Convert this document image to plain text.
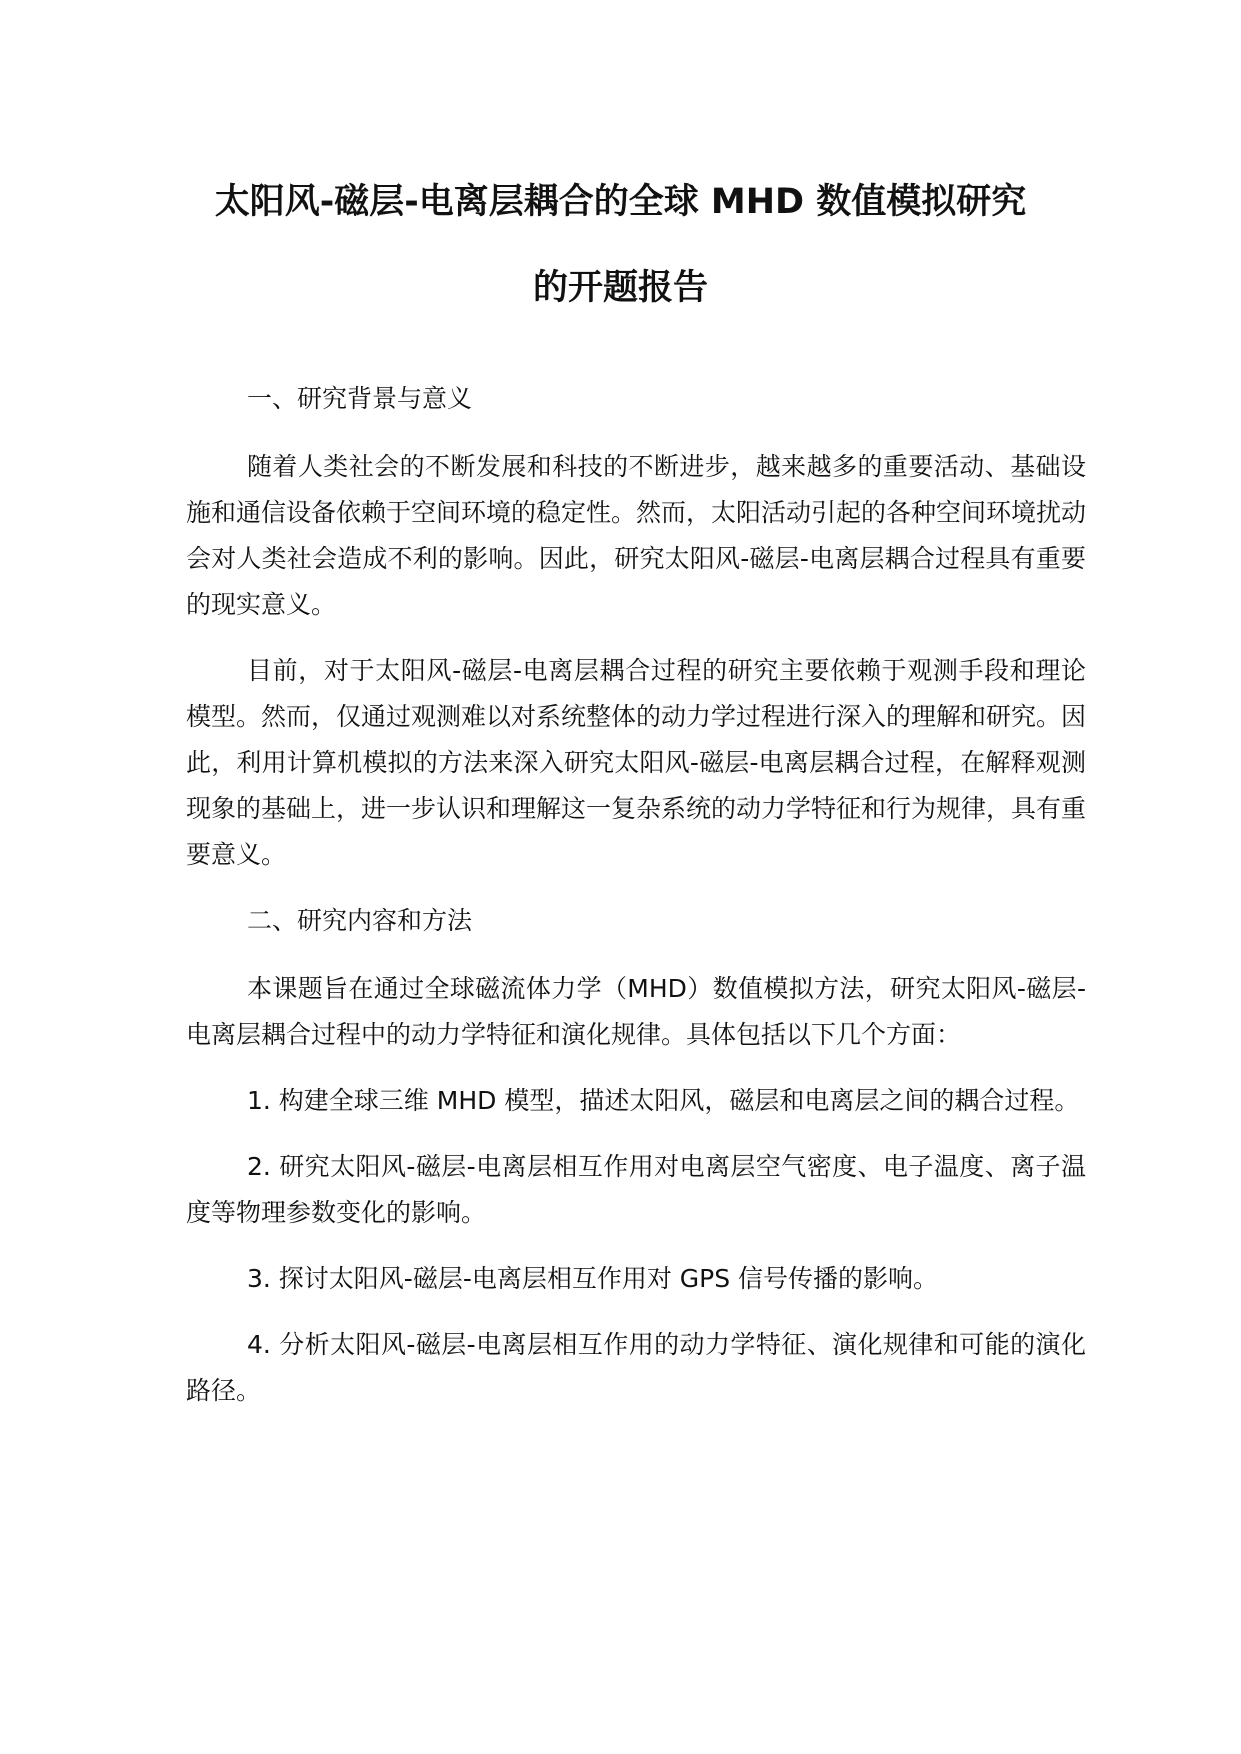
太阳风-磁层-电离层耦合的全球 MHD 数值模拟研究
的开题报告

一、研究背景与意义

随着人类社会的不断发展和科技的不断进步，越来越多的重要活动、基础设施和通信设备依赖于空间环境的稳定性。然而，太阳活动引起的各种空间环境扰动会对人类社会造成不利的影响。因此，研究太阳风-磁层-电离层耦合过程具有重要的现实意义。

目前，对于太阳风-磁层-电离层耦合过程的研究主要依赖于观测手段和理论模型。然而，仅通过观测难以对系统整体的动力学过程进行深入的理解和研究。因此，利用计算机模拟的方法来深入研究太阳风-磁层-电离层耦合过程，在解释观测现象的基础上，进一步认识和理解这一复杂系统的动力学特征和行为规律，具有重要意义。

二、研究内容和方法

本课题旨在通过全球磁流体力学（MHD）数值模拟方法，研究太阳风-磁层-电离层耦合过程中的动力学特征和演化规律。具体包括以下几个方面：

1. 构建全球三维 MHD 模型，描述太阳风，磁层和电离层之间的耦合过程。

2. 研究太阳风-磁层-电离层相互作用对电离层空气密度、电子温度、离子温度等物理参数变化的影响。

3. 探讨太阳风-磁层-电离层相互作用对 GPS 信号传播的影响。

4. 分析太阳风-磁层-电离层相互作用的动力学特征、演化规律和可能的演化路径。
